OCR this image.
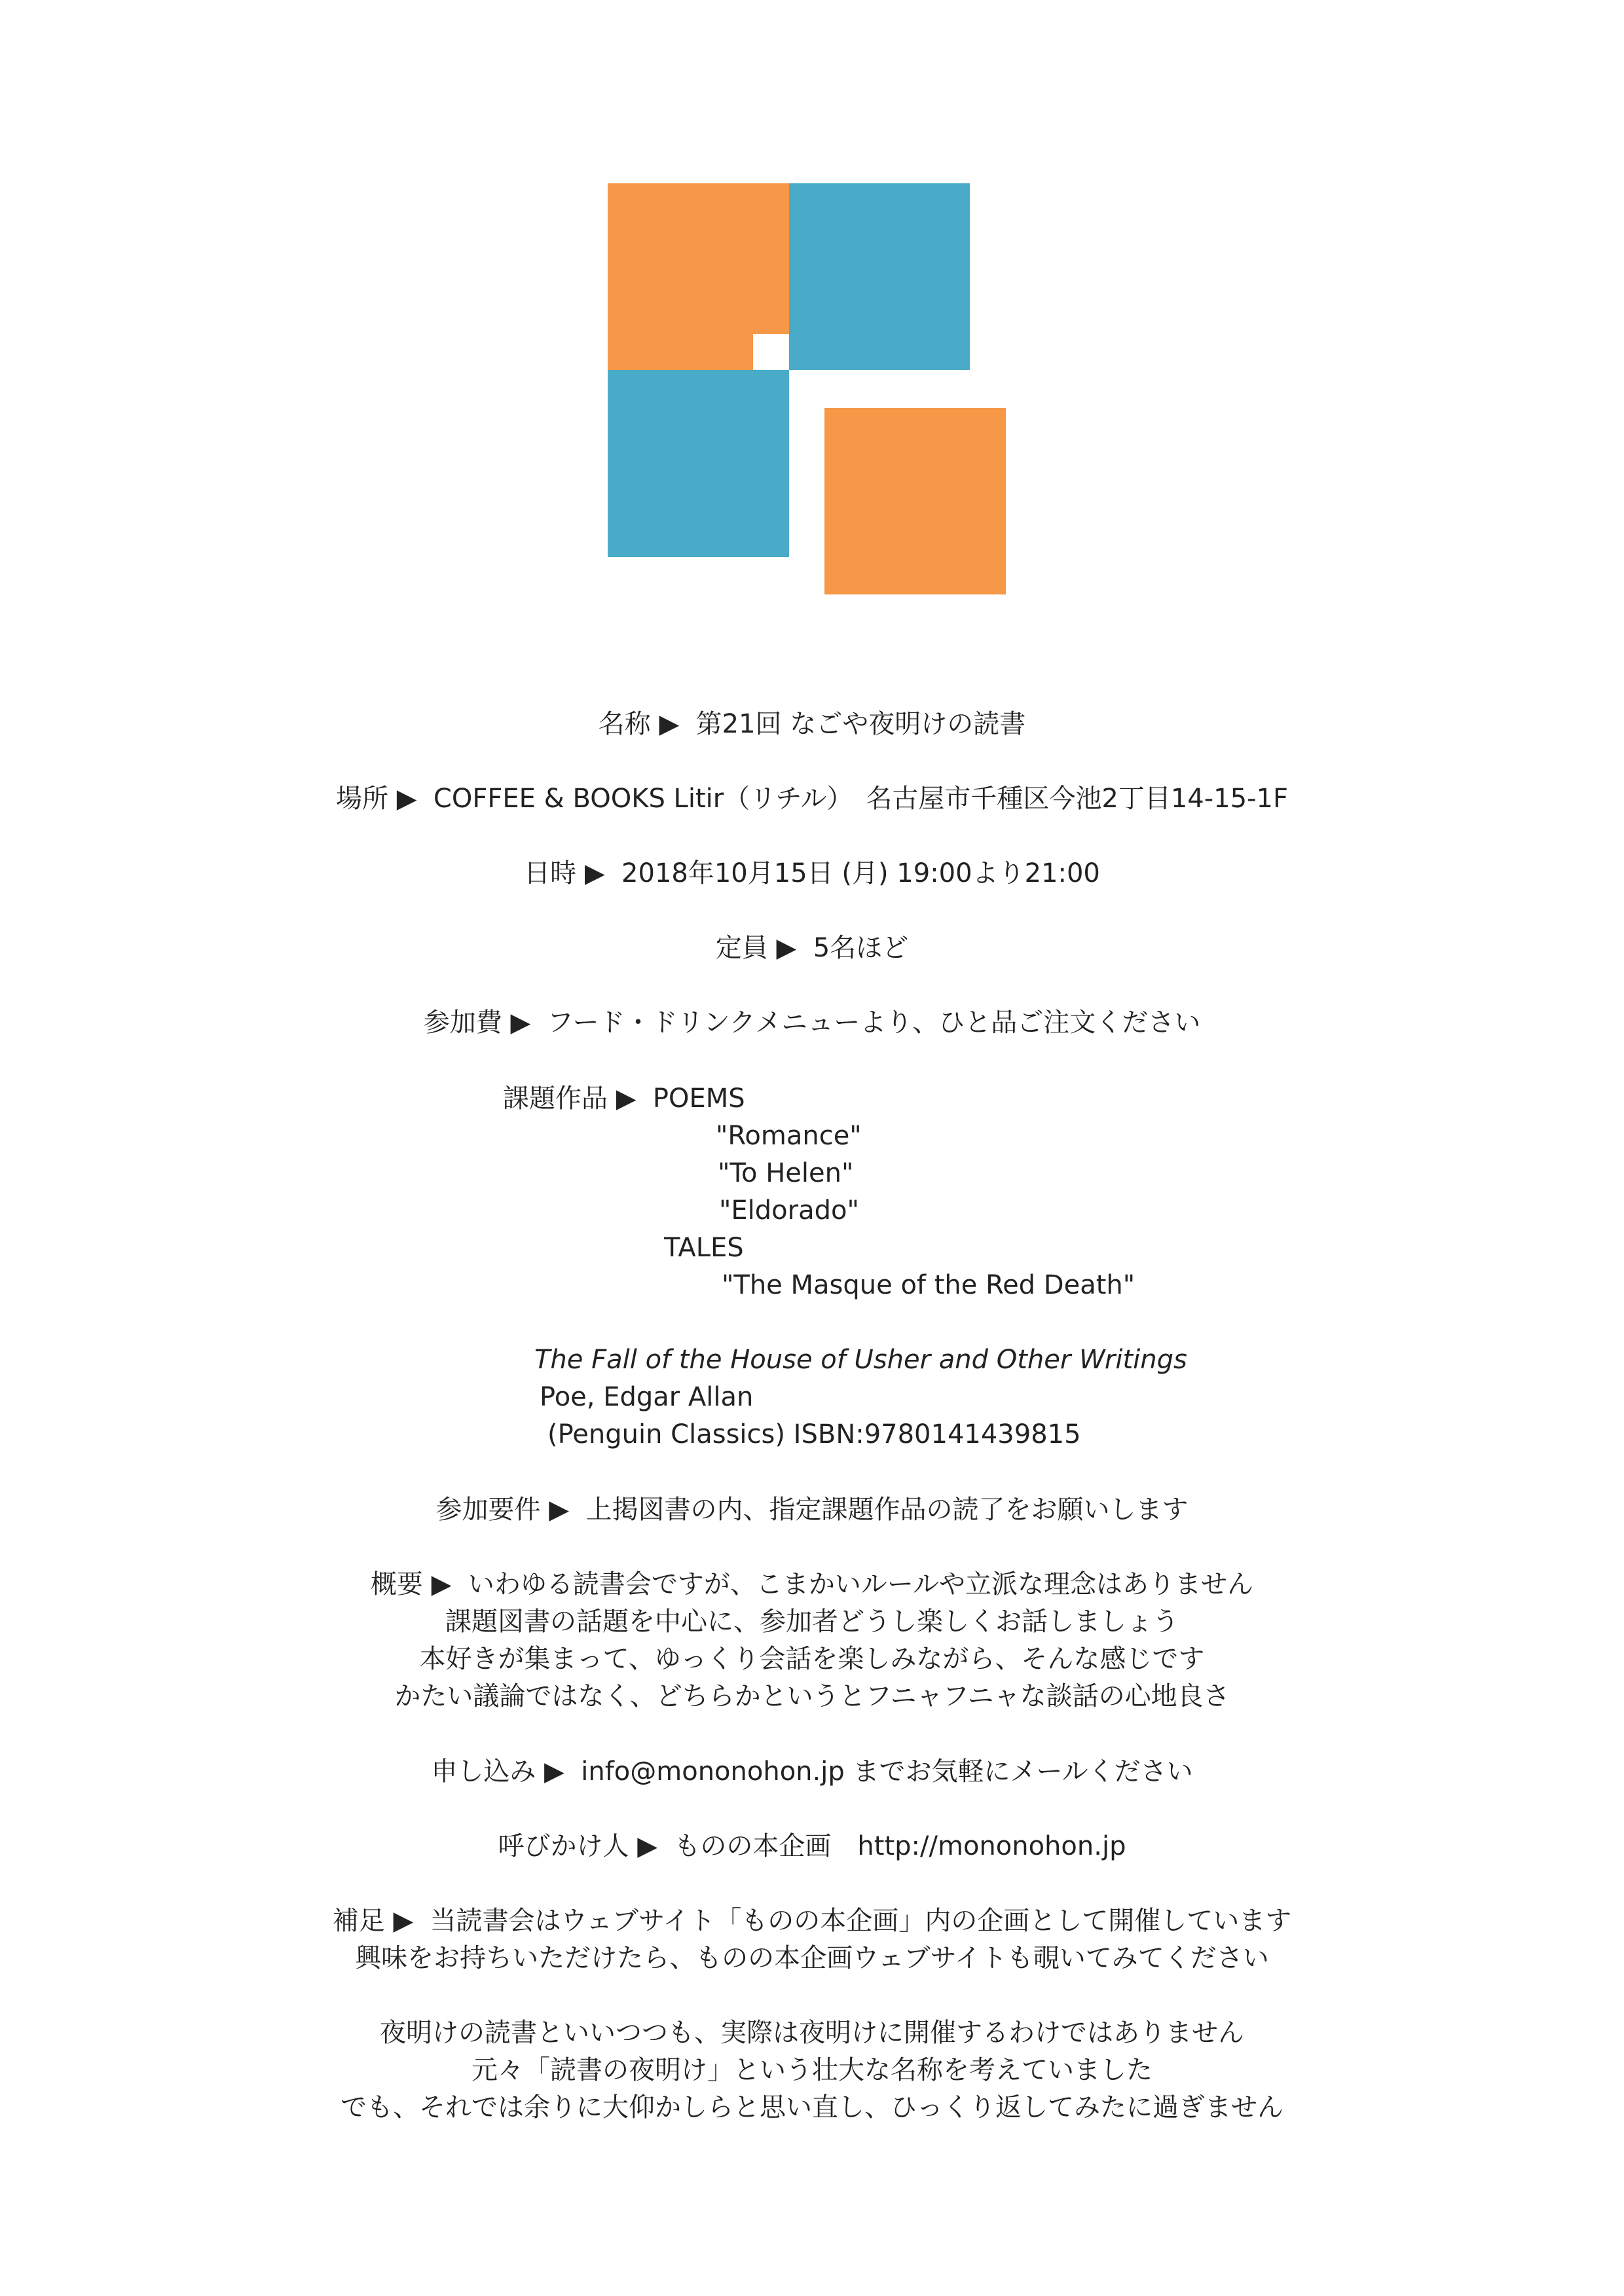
名称 ▶  第21回 なごや夜明けの読書
場所 ▶  COFFEE & BOOKS Litir（リチル）　名古屋市千種区今池2丁目14-15-1F
日時 ▶  2018年10月15日 (月) 19:00より21:00
定員 ▶  5名ほど
参加費 ▶  フード・ドリンクメニューより、ひと品ご注文ください
課題作品 ▶  POEMS
"Romance"
"To Helen"
"Eldorado"
TALES
"The Masque of the Red Death"
The Fall of the House of Usher and Other Writings
Poe, Edgar Allan
(Penguin Classics) ISBN:9780141439815
参加要件 ▶  上掲図書の内、指定課題作品の読了をお願いします
概要 ▶  いわゆる読書会ですが、こまかいルールや立派な理念はありません
課題図書の話題を中心に、参加者どうし楽しくお話しましょう
本好きが集まって、ゆっくり会話を楽しみながら、そんな感じです
かたい議論ではなく、どちらかというとフニャフニャな談話の心地良さ
申し込み ▶  info@mononohon.jp までお気軽にメールください
呼びかけ人 ▶  ものの本企画　http://mononohon.jp
補足 ▶  当読書会はウェブサイト「ものの本企画」内の企画として開催しています
興味をお持ちいただけたら、ものの本企画ウェブサイトも覗いてみてください
夜明けの読書といいつつも、実際は夜明けに開催するわけではありません
元々「読書の夜明け」という壮大な名称を考えていました
でも、それでは余りに大仰かしらと思い直し、ひっくり返してみたに過ぎません
